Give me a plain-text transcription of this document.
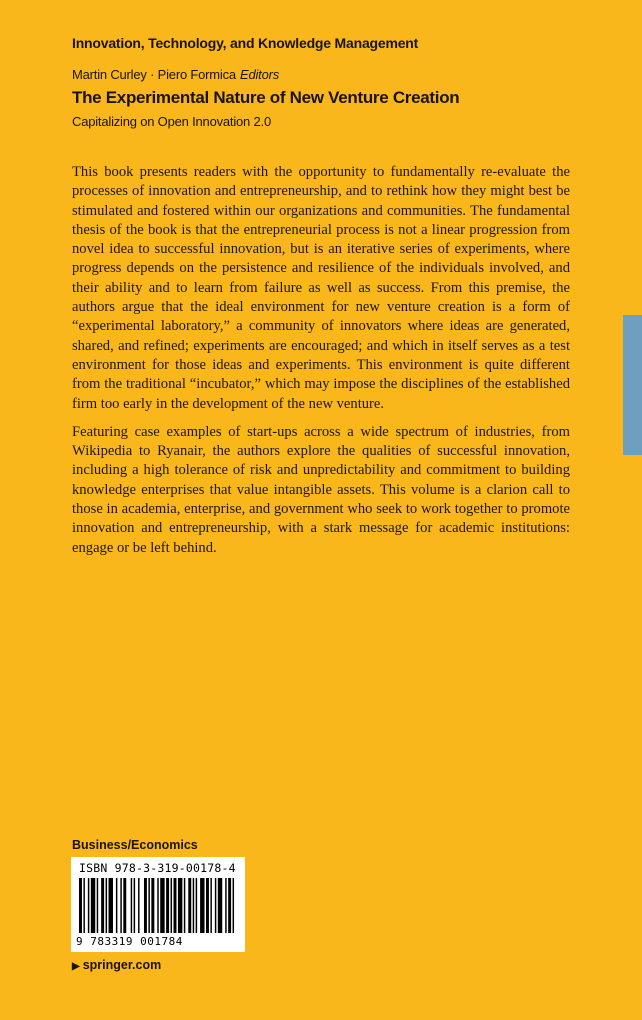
Innovation, Technology, and Knowledge Management
Martin Curley · Piero Formica Editors
The Experimental Nature of New Venture Creation
Capitalizing on Open Innovation 2.0

This book presents readers with the opportunity to fundamentally re-evaluate the processes of innovation and entrepreneurship, and to rethink how they might best be stimulated and fostered within our organizations and communities. The fundamental thesis of the book is that the entrepreneurial process is not a linear progression from novel idea to successful innovation, but is an iterative series of experiments, where progress depends on the persistence and resilience of the individuals involved, and their ability and to learn from failure as well as success. From this premise, the authors argue that the ideal environment for new venture creation is a form of “experimental laboratory,” a community of innovators where ideas are generated, shared, and refined; experiments are encouraged; and which in itself serves as a test environment for those ideas and experiments. This environment is quite different from the traditional “incubator,” which may impose the disciplines of the established firm too early in the development of the new venture.

Featuring case examples of start-ups across a wide spectrum of industries, from Wikipedia to Ryanair, the authors explore the qualities of successful innovation, including a high tolerance of risk and unpredictability and commitment to building knowledge enterprises that value intangible assets. This volume is a clarion call to those in academia, enterprise, and government who seek to work together to promote innovation and entrepreneurship, with a stark message for academic institutions: engage or be left behind.

Business/Economics
ISBN 978-3-319-00178-4
9 783319 001784
▶ springer.com
